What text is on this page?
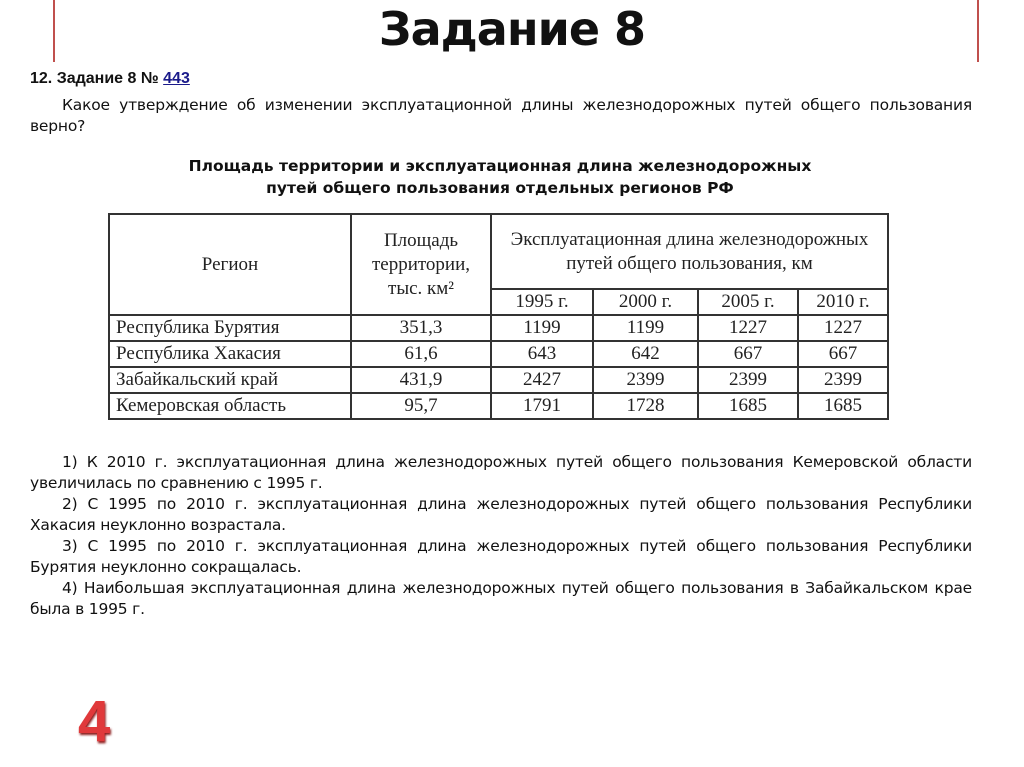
Задание 8
12. Задание 8 № 443
Какое утверждение об изменении эксплуатационной длины железнодорожных путей общего пользования верно?
Площадь территории и эксплуатационная длина железнодорожных
путей общего пользования отдельных регионов РФ
Регион	Площадь территории, тыс. км²	Эксплуатационная длина железнодорожных путей общего пользования, км			
		1995 г.	2000 г.	2005 г.	2010 г.
Республика Бурятия	351,3	1199	1199	1227	1227
Республика Хакасия	61,6	643	642	667	667
Забайкальский край	431,9	2427	2399	2399	2399
Кемеровская область	95,7	1791	1728	1685	1685
1) К 2010 г. эксплуатационная длина железнодорожных путей общего пользования Кемеровской области увеличилась по сравнению с 1995 г.
2) С 1995 по 2010 г. эксплуатационная длина железнодорожных путей общего пользования Республики Хакасия неуклонно возрастала.
3) С 1995 по 2010 г. эксплуатационная длина железнодорожных путей общего пользования Республики Бурятия неуклонно сокращалась.
4) Наибольшая эксплуатационная длина железнодорожных путей общего пользования в Забайкальском крае была в 1995 г.
4
